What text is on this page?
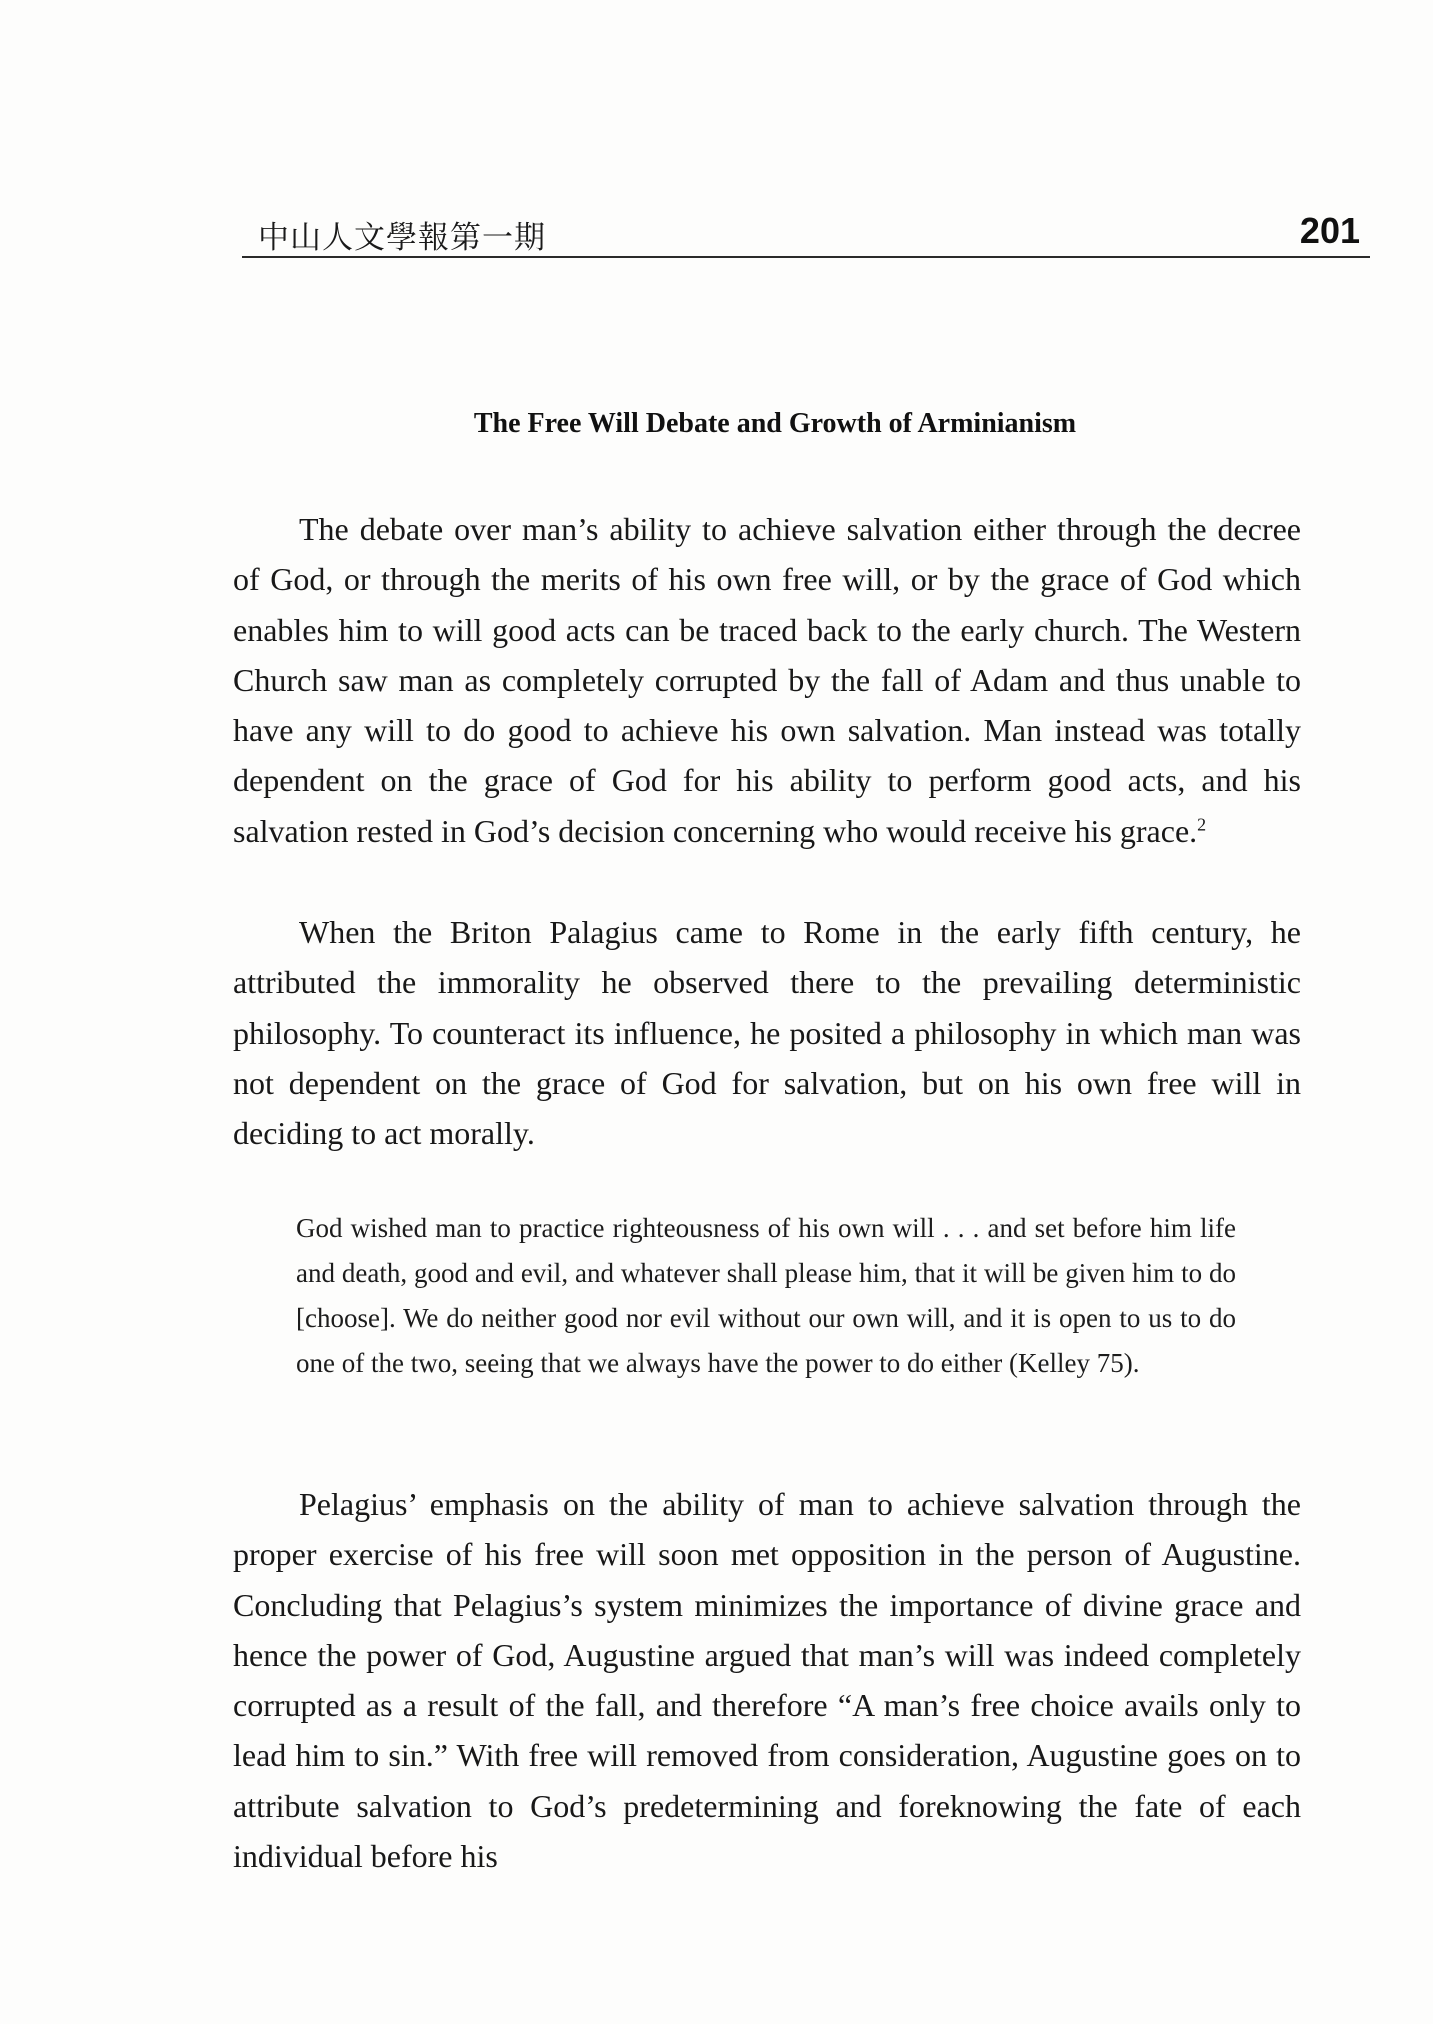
中山人文學報第一期	201
The Free Will Debate and Growth of Arminianism

The debate over man’s ability to achieve salvation either through the decree of God, or through the merits of his own free will, or by the grace of God which enables him to will good acts can be traced back to the early church. The Western Church saw man as completely corrupted by the fall of Adam and thus unable to have any will to do good to achieve his own salvation. Man instead was totally dependent on the grace of God for his ability to perform good acts, and his salvation rested in God’s decision concerning who would receive his grace.$^2$

When the Briton Palagius came to Rome in the early fifth century, he attributed the immorality he observed there to the prevailing deterministic philosophy. To counteract its influence, he posited a philosophy in which man was not dependent on the grace of God for salvation, but on his own free will in deciding to act morally.

God wished man to practice righteousness of his own will . . . and set before him life and death, good and evil, and whatever shall please him, that it will be given him to do [choose]. We do neither good nor evil without our own will, and it is open to us to do one of the two, seeing that we always have the power to do either (Kelley 75).

Pelagius’ emphasis on the ability of man to achieve salvation through the proper exercise of his free will soon met opposition in the person of Augustine. Concluding that Pelagius’s system minimizes the importance of divine grace and hence the power of God, Augustine argued that man’s will was indeed completely corrupted as a result of the fall, and therefore “A man’s free choice avails only to lead him to sin.” With free will removed from consideration, Augustine goes on to attribute salvation to God’s predetermining and foreknowing the fate of each individual before his
